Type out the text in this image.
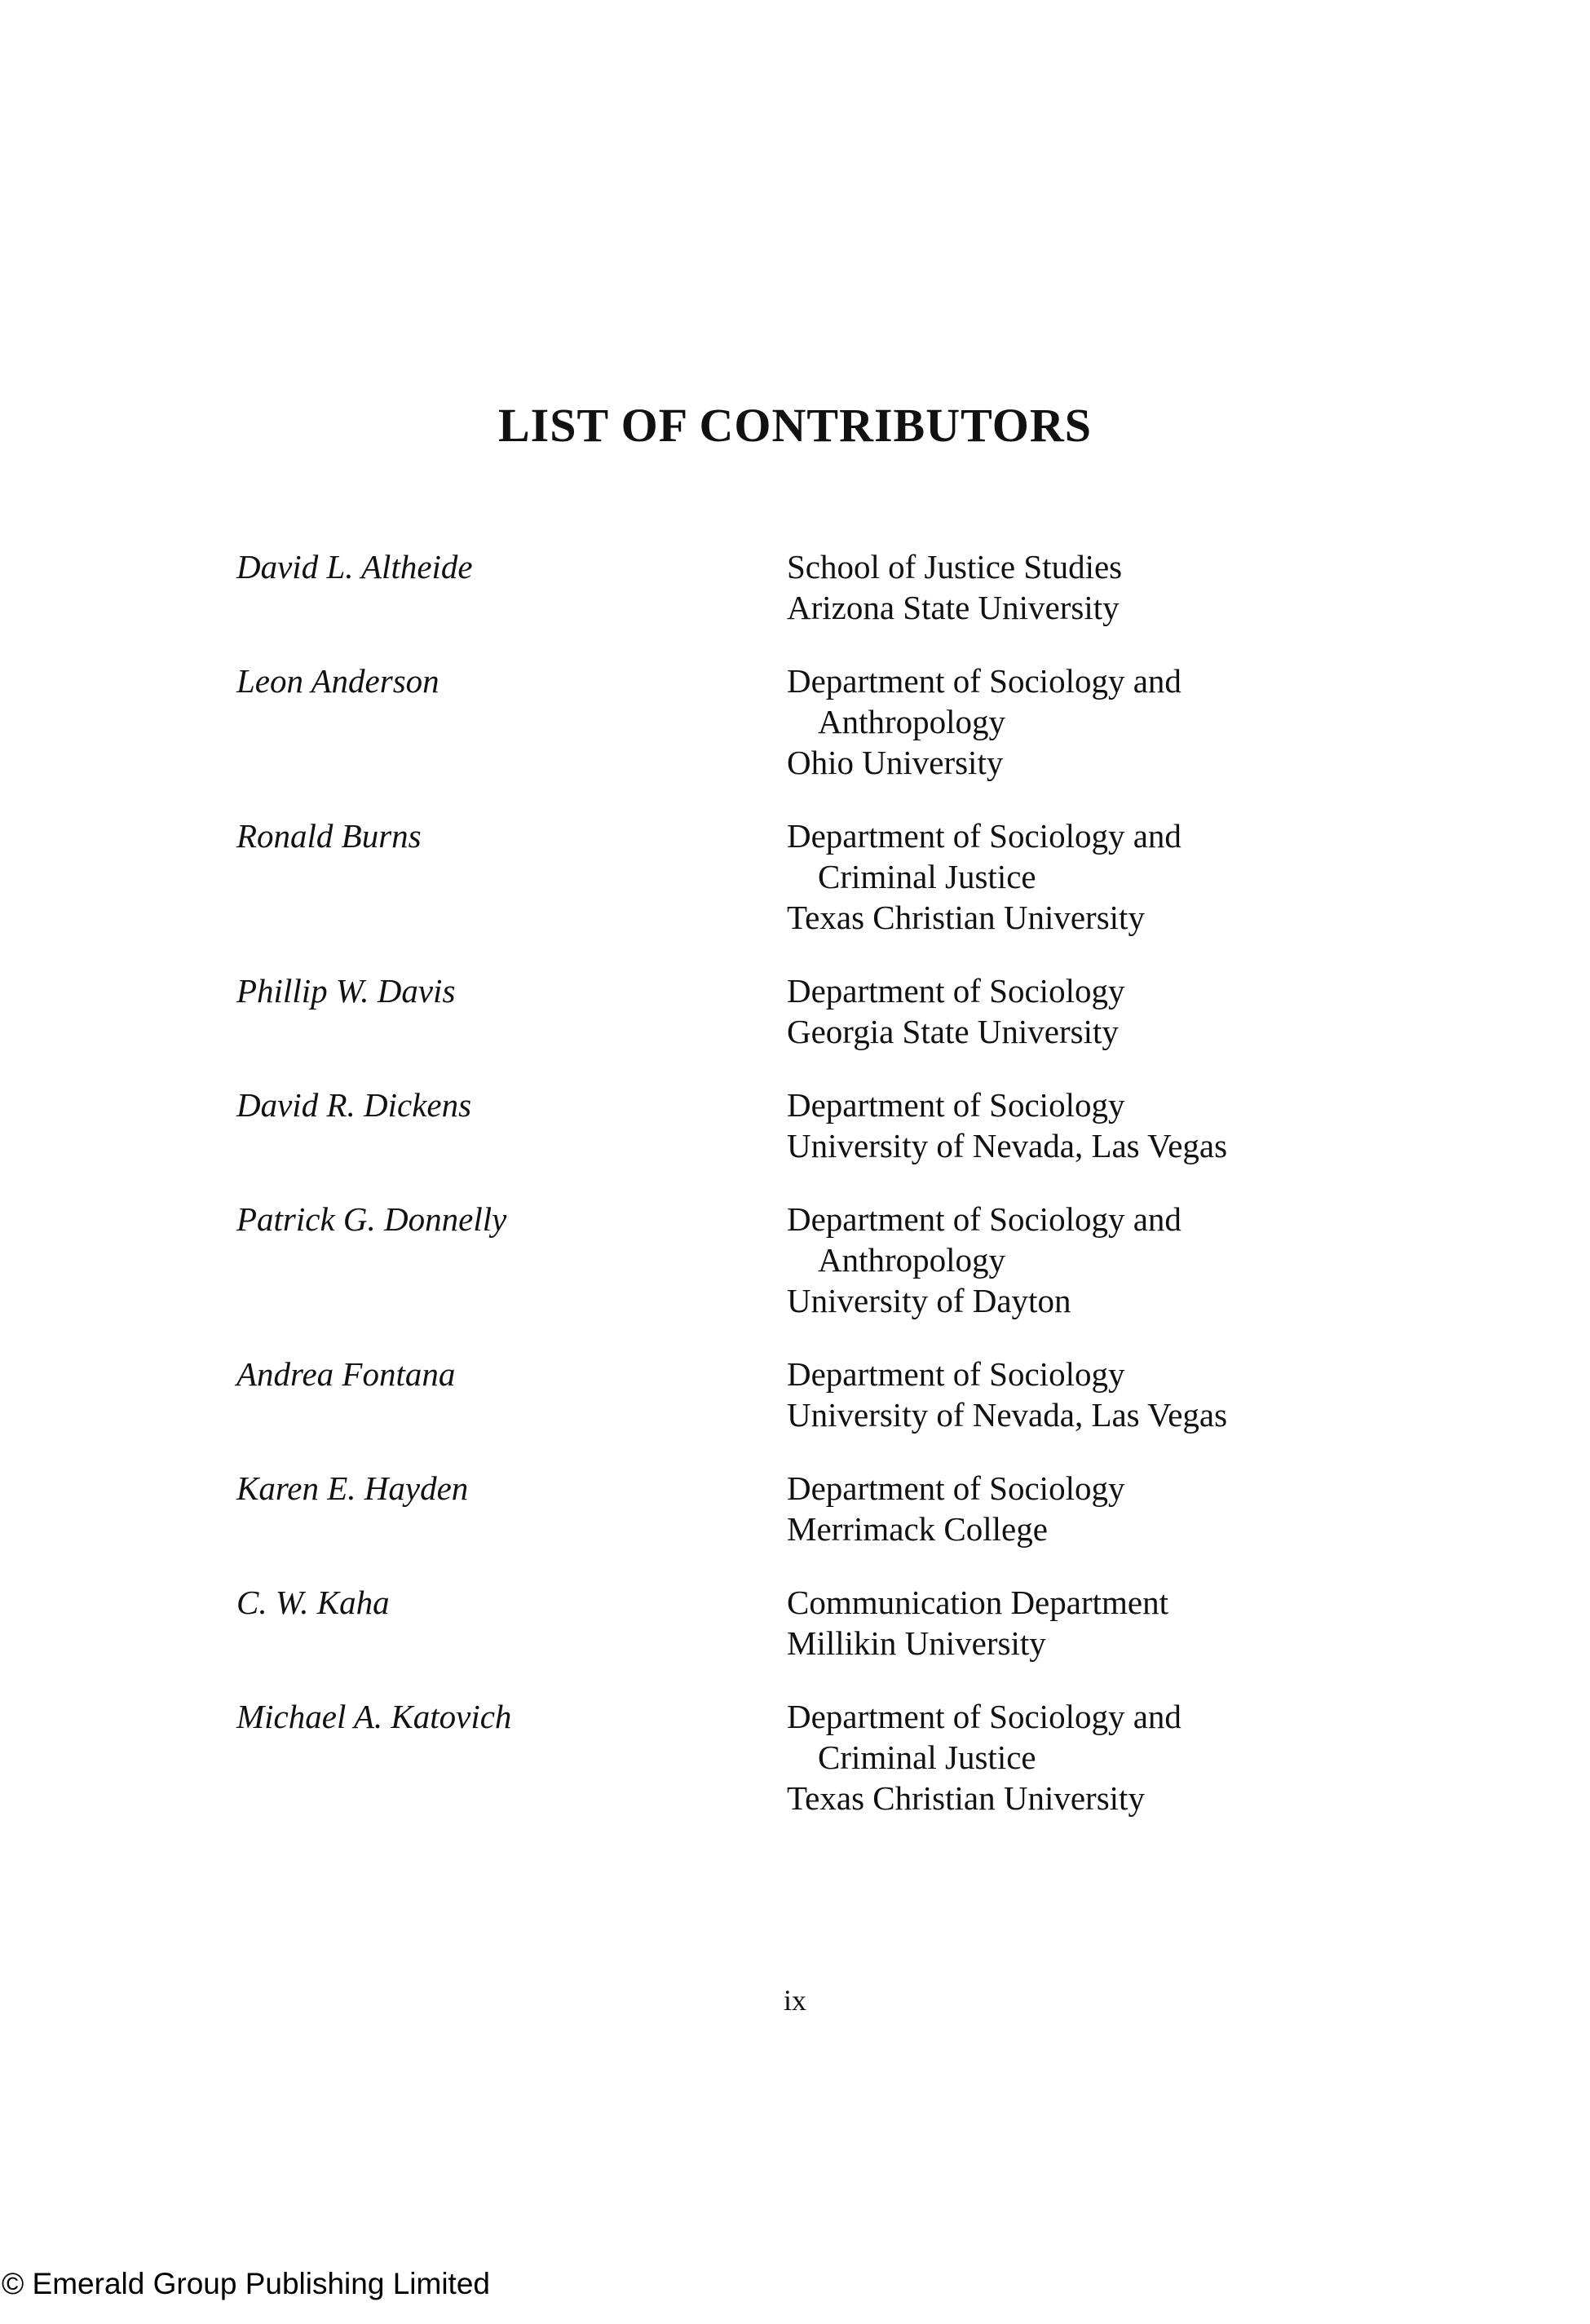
LIST OF CONTRIBUTORS
David L. Altheide	School of Justice Studies
Arizona State University
Leon Anderson	Department of Sociology and
Anthropology
Ohio University
Ronald Burns	Department of Sociology and
Criminal Justice
Texas Christian University
Phillip W. Davis	Department of Sociology
Georgia State University
David R. Dickens	Department of Sociology
University of Nevada, Las Vegas
Patrick G. Donnelly	Department of Sociology and
Anthropology
University of Dayton
Andrea Fontana	Department of Sociology
University of Nevada, Las Vegas
Karen E. Hayden	Department of Sociology
Merrimack College
C. W. Kaha	Communication Department
Millikin University
Michael A. Katovich	Department of Sociology and
Criminal Justice
Texas Christian University
ix
© Emerald Group Publishing Limited
